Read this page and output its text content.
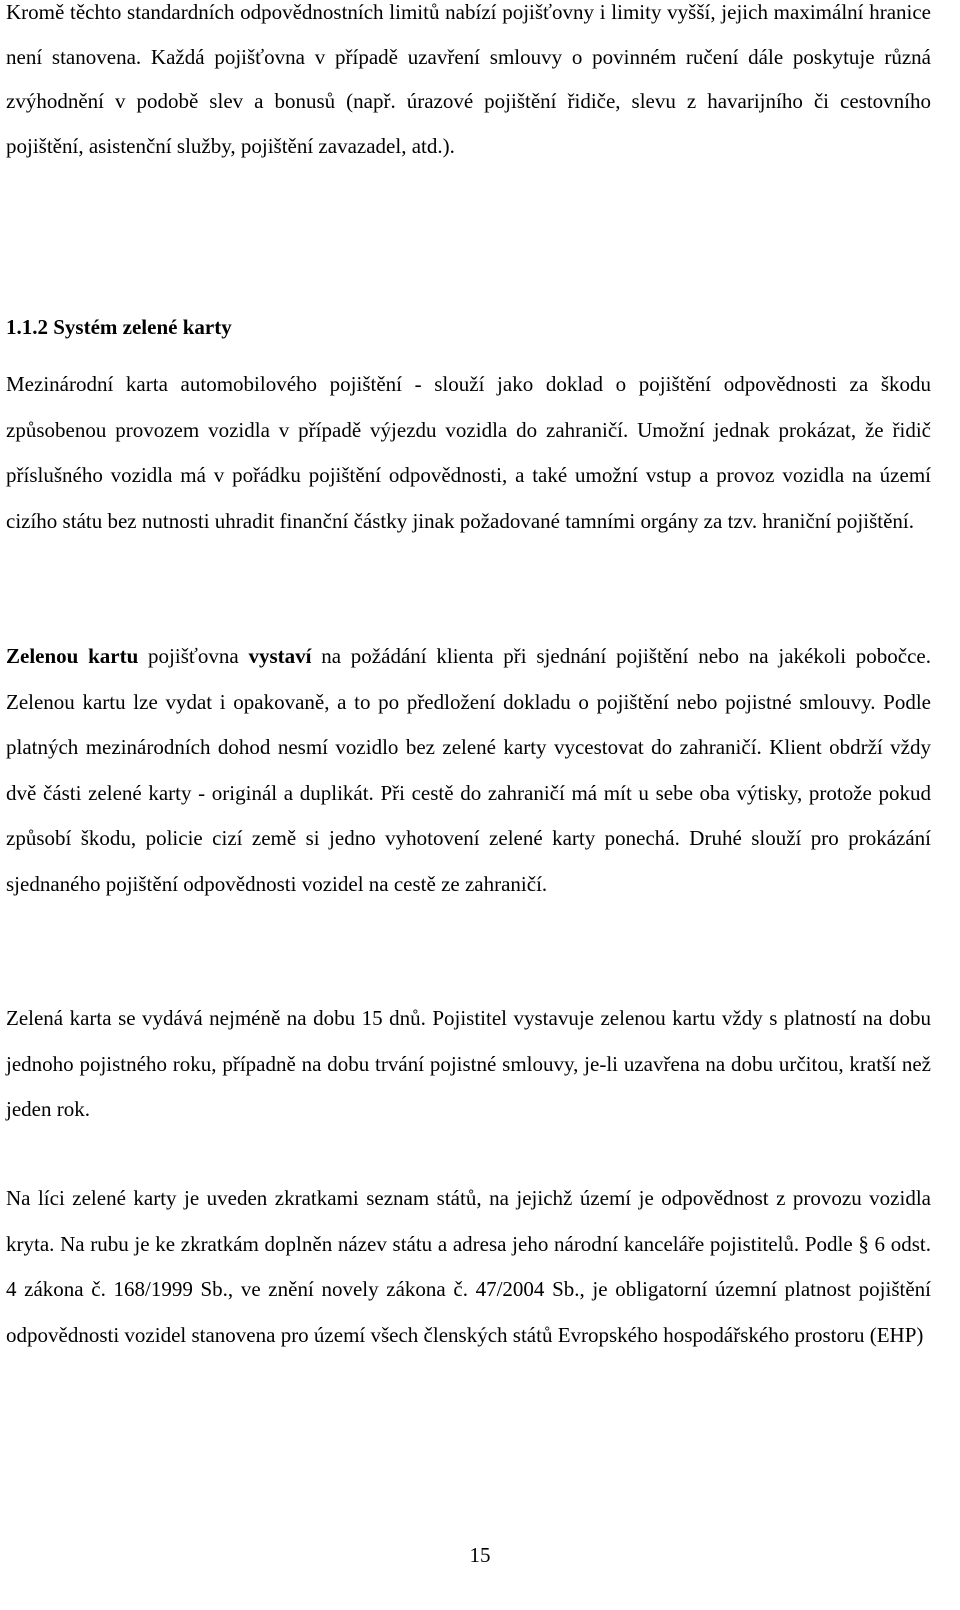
Kromě těchto standardních odpovědnostních limitů nabízí pojišťovny i limity vyšší, jejich maximální hranice není stanovena. Každá pojišťovna v případě uzavření smlouvy o povinném ručení dále poskytuje různá zvýhodnění v podobě slev a bonusů (např. úrazové pojištění řidiče, slevu z havarijního či cestovního pojištění, asistenční služby, pojištění zavazadel, atd.).

1.1.2 Systém zelené karty

Mezinárodní karta automobilového pojištění - slouží jako doklad o pojištění odpovědnosti za škodu způsobenou provozem vozidla v případě výjezdu vozidla do zahraničí. Umožní jednak prokázat, že řidič příslušného vozidla má v pořádku pojištění odpovědnosti, a také umožní vstup a provoz vozidla na území cizího státu bez nutnosti uhradit finanční částky jinak požadované tamními orgány za tzv. hraniční pojištění.

Zelenou kartu pojišťovna vystaví na požádání klienta při sjednání pojištění nebo na jakékoli pobočce. Zelenou kartu lze vydat i opakovaně, a to po předložení dokladu o pojištění nebo pojistné smlouvy. Podle platných mezinárodních dohod nesmí vozidlo bez zelené karty vycestovat do zahraničí. Klient obdrží vždy dvě části zelené karty - originál a duplikát. Při cestě do zahraničí má mít u sebe oba výtisky, protože pokud způsobí škodu, policie cizí země si jedno vyhotovení zelené karty ponechá. Druhé slouží pro prokázání sjednaného pojištění odpovědnosti vozidel na cestě ze zahraničí.

Zelená karta se vydává nejméně na dobu 15 dnů. Pojistitel vystavuje zelenou kartu vždy s platností na dobu jednoho pojistného roku, případně na dobu trvání pojistné smlouvy, je-li uzavřena na dobu určitou, kratší než jeden rok.

Na líci zelené karty je uveden zkratkami seznam států, na jejichž území je odpovědnost z provozu vozidla kryta. Na rubu je ke zkratkám doplněn název státu a adresa jeho národní kanceláře pojistitelů. Podle § 6 odst. 4 zákona č. 168/1999 Sb., ve znění novely zákona č. 47/2004 Sb., je obligatorní územní platnost pojištění odpovědnosti vozidel stanovena pro území všech členských států Evropského hospodářského prostoru (EHP)

15
